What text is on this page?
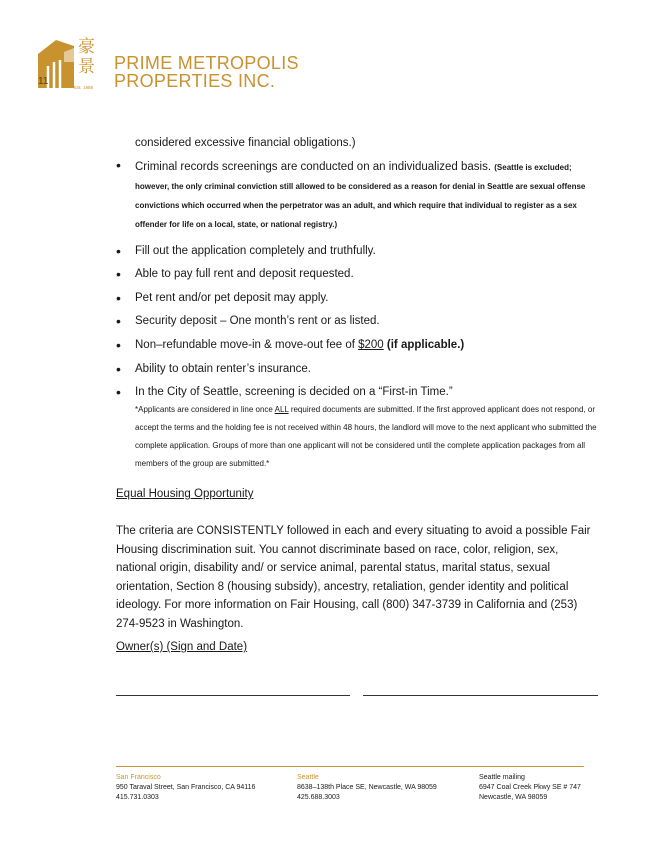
11
豪
景
Est. 1988
PRIME METROPOLIS
PROPERTIES INC.
considered excessive financial obligations.)
• Criminal records screenings are conducted on an individualized basis. (Seattle is excluded; however, the only criminal conviction still allowed to be considered as a reason for denial in Seattle are sexual offense convictions which occurred when the perpetrator was an adult, and which require that individual to register as a sex offender for life on a local, state, or national registry.)
• Fill out the application completely and truthfully.
• Able to pay full rent and deposit requested.
• Pet rent and/or pet deposit may apply.
• Security deposit – One month’s rent or as listed.
• Non–refundable move-in & move-out fee of $200 (if applicable.)
• Ability to obtain renter’s insurance.
• In the City of Seattle, screening is decided on a “First-in Time.”
*Applicants are considered in line once ALL required documents are submitted. If the first approved applicant does not respond, or accept the terms and the holding fee is not received within 48 hours, the landlord will move to the next applicant who submitted the complete application. Groups of more than one applicant will not be considered until the complete application packages from all members of the group are submitted.*
Equal Housing Opportunity

The criteria are CONSISTENTLY followed in each and every situating to avoid a possible Fair Housing discrimination suit. You cannot discriminate based on race, color, religion, sex, national origin, disability and/ or service animal, parental status, marital status, sexual orientation, Section 8 (housing subsidy), ancestry, retaliation, gender identity and political ideology. For more information on Fair Housing, call (800) 347-3739 in California and (253) 274-9523 in Washington.

Owner(s) (Sign and Date)
San Francisco
950 Taraval Street, San Francisco, CA 94116
415.731.0303
Seattle
8638–138th Place SE, Newcastle, WA 98059
425.688.3003
Seattle mailing
6947 Coal Creek Pkwy SE # 747
Newcastle, WA 98059
